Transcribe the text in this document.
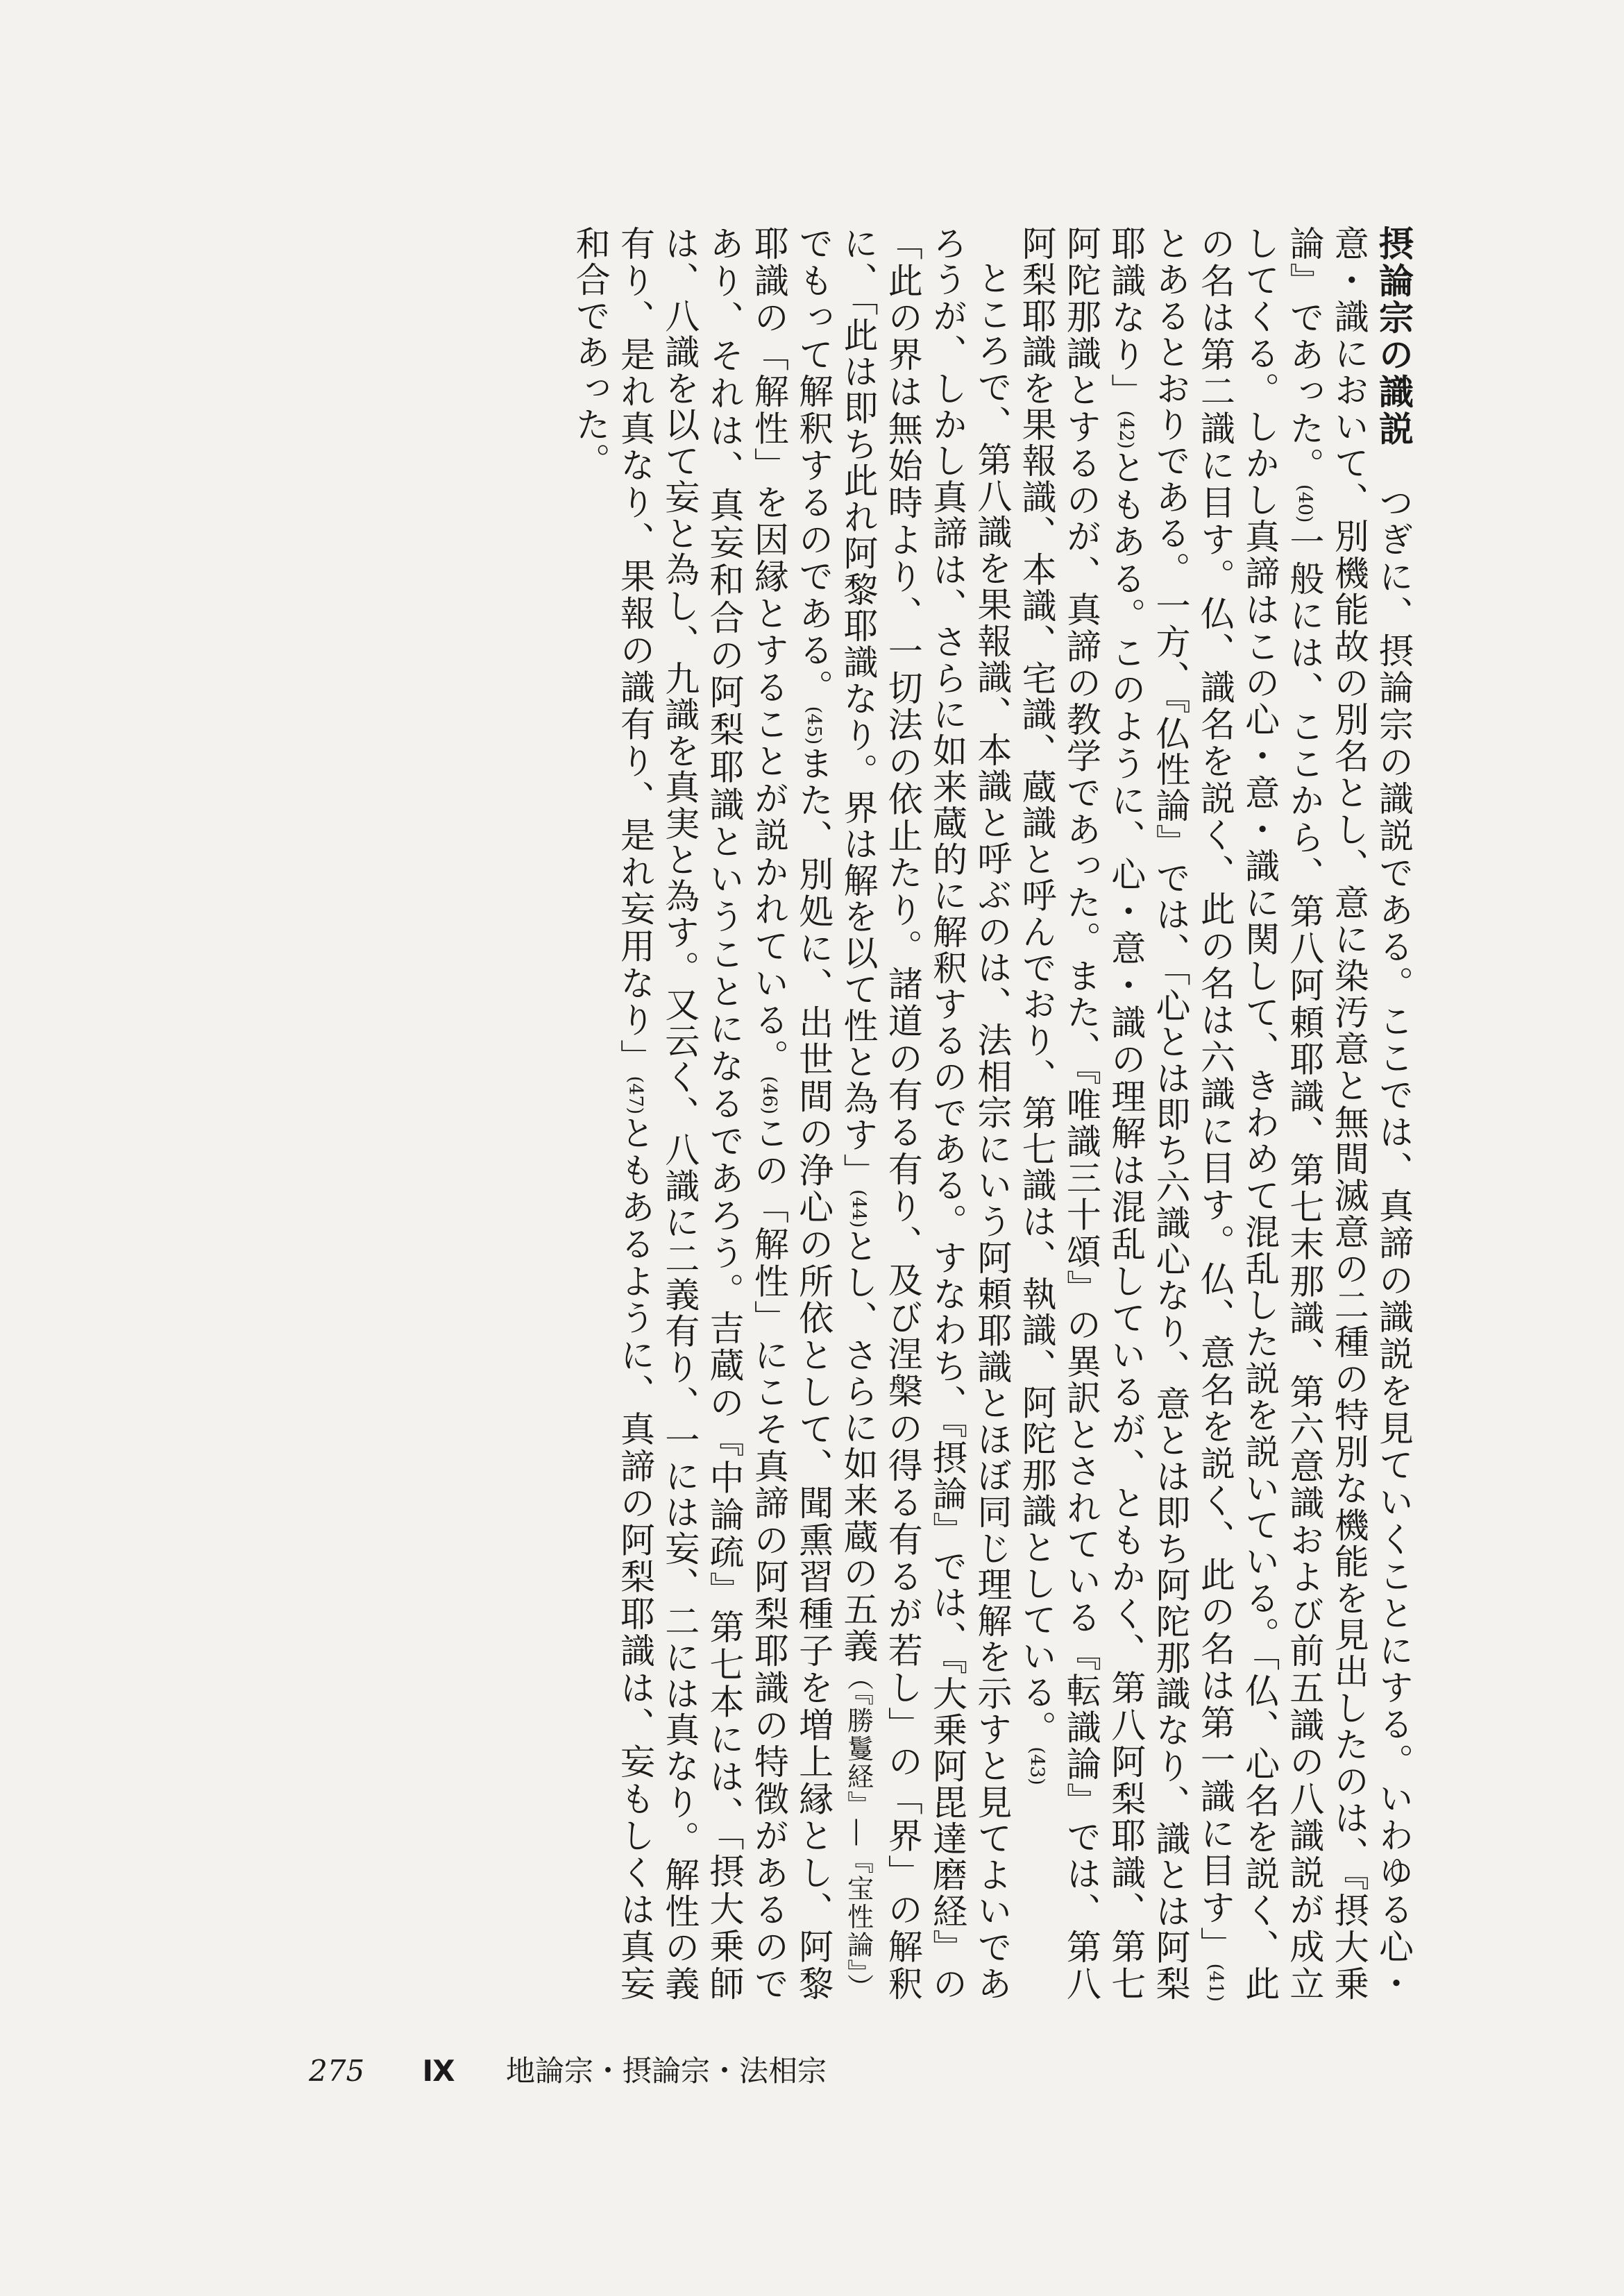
摂論宗の識説　つぎに、摂論宗の識説である。ここでは、真諦の識説を見ていくことにする。いわゆる心・意・識において、別機能故の別名とし、意に染汚意と無間滅意の二種の特別な機能を見出したのは、『摂大乗論』であった。(40)一般には、ここから、第八阿頼耶識、第七末那識、第六意識および前五識の八識説が成立してくる。しかし真諦はこの心・意・識に関して、きわめて混乱した説を説いている。「仏、心名を説く、此の名は第二識に目す。仏、識名を説く、此の名は六識に目す。仏、意名を説く、此の名は第一識に目す」(41)とあるとおりである。一方、『仏性論』では、「心とは即ち六識心なり、意とは即ち阿陀那識なり、識とは阿梨耶識なり」(42)ともある。このように、心・意・識の理解は混乱しているが、ともかく、第八阿梨耶識、第七阿陀那識とするのが、真諦の教学であった。また、『唯識三十頌』の異訳とされている『転識論』では、第八阿梨耶識を果報識、本識、宅識、蔵識と呼んでおり、第七識は、執識、阿陀那識としている。(43)

ところで、第八識を果報識、本識と呼ぶのは、法相宗にいう阿頼耶識とほぼ同じ理解を示すと見てよいであろうが、しかし真諦は、さらに如来蔵的に解釈するのである。すなわち、『摂論』では、『大乗阿毘達磨経』の「此の界は無始時より、一切法の依止たり。諸道の有る有り、及び涅槃の得る有るが若し」の「界」の解釈に、「此は即ち此れ阿黎耶識なり。界は解を以て性と為す」(44)とし、さらに如来蔵の五義（『勝鬘経』―『宝性論』）でもって解釈するのである。(45)また、別処に、出世間の浄心の所依として、聞熏習種子を増上縁とし、阿黎耶識の「解性」を因縁とすることが説かれている。(46)この「解性」にこそ真諦の阿梨耶識の特徴があるのであり、それは、真妄和合の阿梨耶識ということになるであろう。吉蔵の『中論疏』第七本には、「摂大乗師は、八識を以て妄と為し、九識を真実と為す。又云く、八識に二義有り、一には妄、二には真なり。解性の義有り、是れ真なり、果報の識有り、是れ妄用なり」(47)ともあるように、真諦の阿梨耶識は、妄もしくは真妄和合であった。

275 Ⅸ 地論宗・摂論宗・法相宗
